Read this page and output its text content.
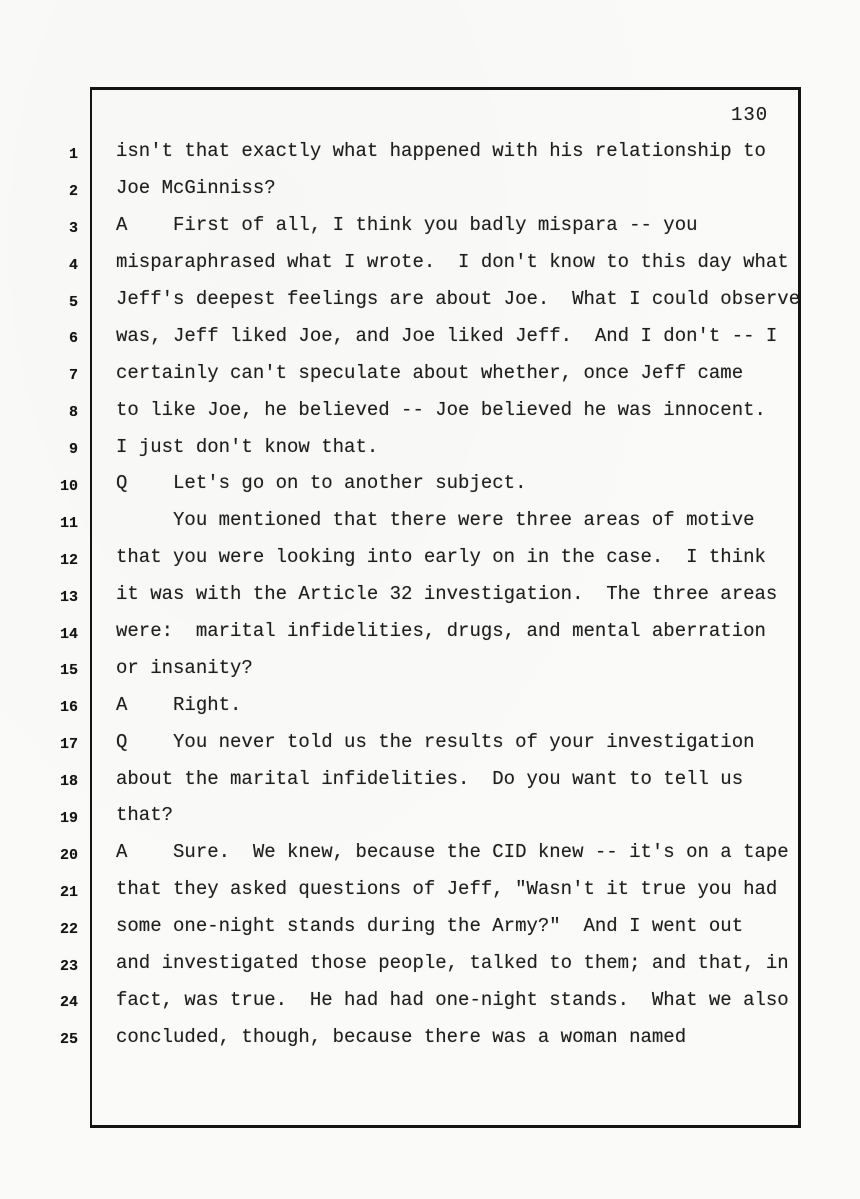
130
1 isn't that exactly what happened with his relationship to
2 Joe McGinniss?
3 A    First of all, I think you badly mispara -- you
4 misparaphrased what I wrote.  I don't know to this day what
5 Jeff's deepest feelings are about Joe.  What I could observe
6 was, Jeff liked Joe, and Joe liked Jeff.  And I don't -- I
7 certainly can't speculate about whether, once Jeff came
8 to like Joe, he believed -- Joe believed he was innocent.
9 I just don't know that.
10 Q    Let's go on to another subject.
11 You mentioned that there were three areas of motive
12 that you were looking into early on in the case.  I think
13 it was with the Article 32 investigation.  The three areas
14 were:  marital infidelities, drugs, and mental aberration
15 or insanity?
16 A    Right.
17 Q    You never told us the results of your investigation
18 about the marital infidelities.  Do you want to tell us
19 that?
20 A    Sure.  We knew, because the CID knew -- it's on a tape
21 that they asked questions of Jeff, "Wasn't it true you had
22 some one-night stands during the Army?"  And I went out
23 and investigated those people, talked to them; and that, in
24 fact, was true.  He had had one-night stands.  What we also
25 concluded, though, because there was a woman named
